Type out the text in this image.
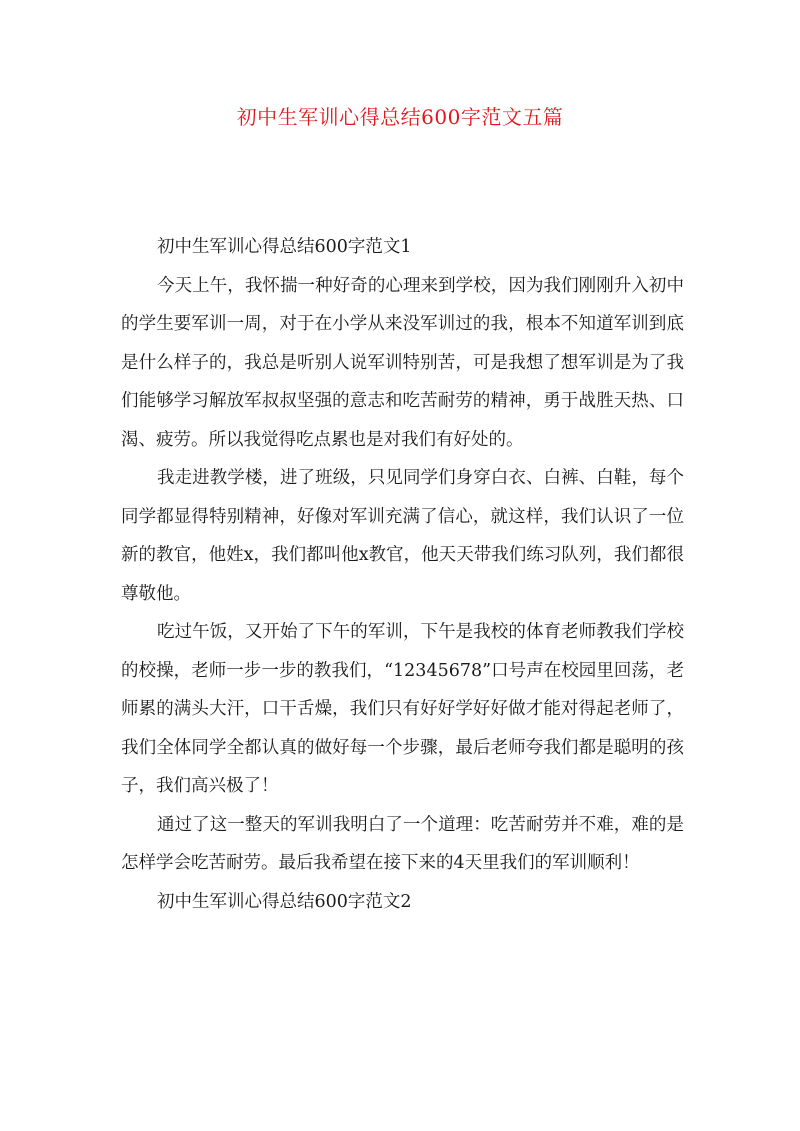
初中生军训心得总结600字范文五篇

初中生军训心得总结600字范文1

今天上午，我怀揣一种好奇的心理来到学校，因为我们刚刚升入初中的学生要军训一周，对于在小学从来没军训过的我，根本不知道军训到底是什么样子的，我总是听别人说军训特别苦，可是我想了想军训是为了我们能够学习解放军叔叔坚强的意志和吃苦耐劳的精神，勇于战胜天热、口渴、疲劳。所以我觉得吃点累也是对我们有好处的。

我走进教学楼，进了班级，只见同学们身穿白衣、白裤、白鞋，每个同学都显得特别精神，好像对军训充满了信心，就这样，我们认识了一位新的教官，他姓x，我们都叫他x教官，他天天带我们练习队列，我们都很尊敬他。

吃过午饭，又开始了下午的军训，下午是我校的体育老师教我们学校的校操，老师一步一步的教我们，“12345678”口号声在校园里回荡，老师累的满头大汗，口干舌燥，我们只有好好学好好做才能对得起老师了，我们全体同学全都认真的做好每一个步骤，最后老师夸我们都是聪明的孩子，我们高兴极了！

通过了这一整天的军训我明白了一个道理：吃苦耐劳并不难，难的是怎样学会吃苦耐劳。最后我希望在接下来的4天里我们的军训顺利！

初中生军训心得总结600字范文2
